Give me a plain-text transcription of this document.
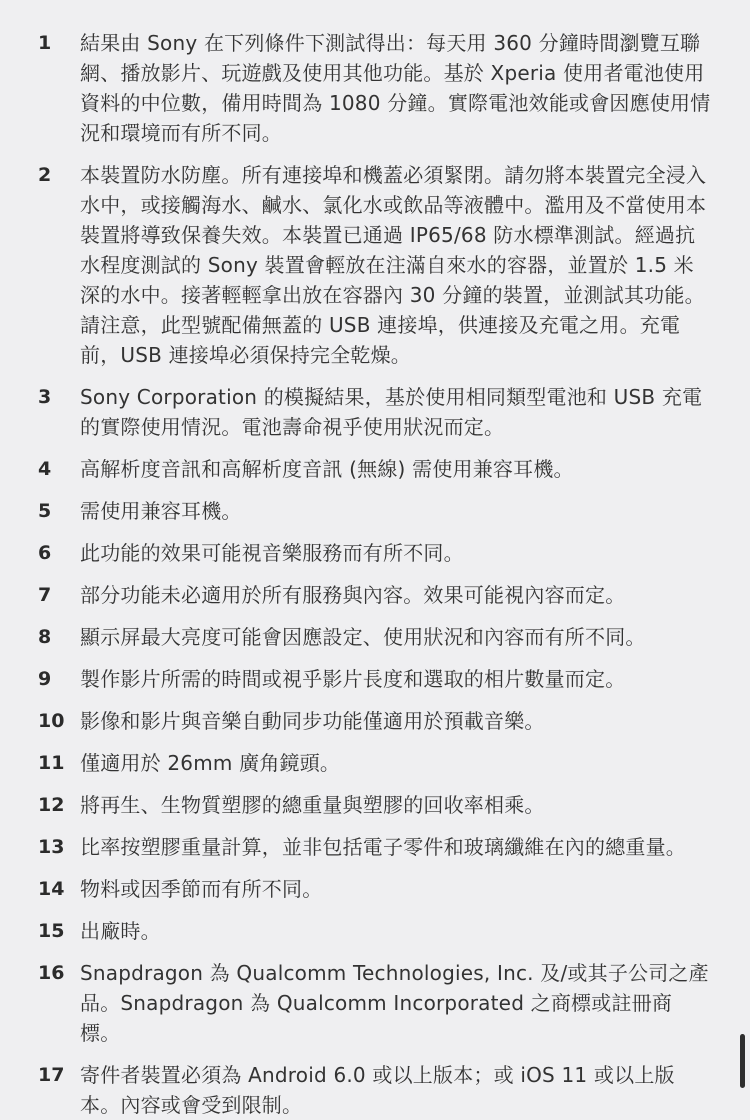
1	結果由 Sony 在下列條件下測試得出：每天用 360 分鐘時間瀏覽互聯網、播放影片、玩遊戲及使用其他功能。基於 Xperia 使用者電池使用資料的中位數，備用時間為 1080 分鐘。實際電池效能或會因應使用情況和環境而有所不同。
2	本裝置防水防塵。所有連接埠和機蓋必須緊閉。請勿將本裝置完全浸入水中，或接觸海水、鹹水、氯化水或飲品等液體中。濫用及不當使用本裝置將導致保養失效。本裝置已通過 IP65/68 防水標準測試。經過抗水程度測試的 Sony 裝置會輕放在注滿自來水的容器，並置於 1.5 米深的水中。接著輕輕拿出放在容器內 30 分鐘的裝置，並測試其功能。請注意，此型號配備無蓋的 USB 連接埠，供連接及充電之用。充電前，USB 連接埠必須保持完全乾燥。
3	Sony Corporation 的模擬結果，基於使用相同類型電池和 USB 充電的實際使用情況。電池壽命視乎使用狀況而定。
4	高解析度音訊和高解析度音訊 (無線) 需使用兼容耳機。
5	需使用兼容耳機。
6	此功能的效果可能視音樂服務而有所不同。
7	部分功能未必適用於所有服務與內容。效果可能視內容而定。
8	顯示屏最大亮度可能會因應設定、使用狀況和內容而有所不同。
9	製作影片所需的時間或視乎影片長度和選取的相片數量而定。
10 影像和影片與音樂自動同步功能僅適用於預載音樂。
11 僅適用於 26mm 廣角鏡頭。
12 將再生、生物質塑膠的總重量與塑膠的回收率相乘。
13 比率按塑膠重量計算，並非包括電子零件和玻璃纖維在內的總重量。
14 物料或因季節而有所不同。
15 出廠時。
16 Snapdragon 為 Qualcomm Technologies, Inc. 及/或其子公司之產品。Snapdragon 為 Qualcomm Incorporated 之商標或註冊商標。
17 寄件者裝置必須為 Android 6.0 或以上版本；或 iOS 11 或以上版本。內容或會受到限制。
